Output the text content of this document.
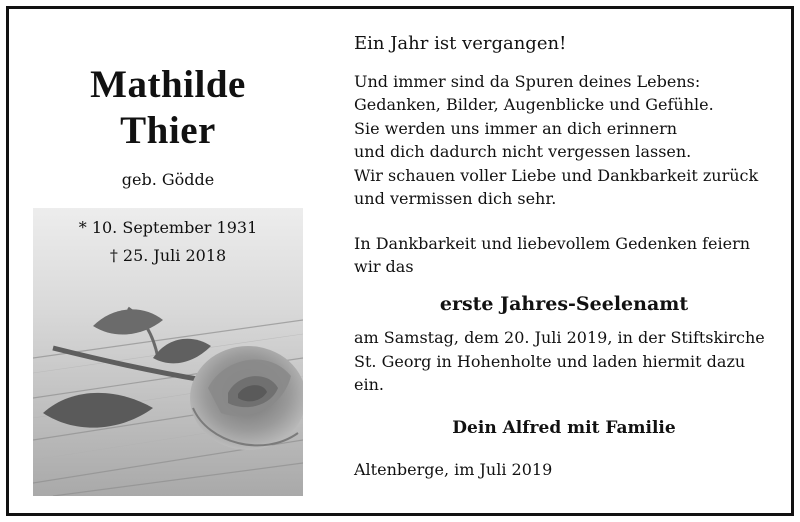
Mathilde
Thier
geb. Gödde
* 10. September 1931
† 25. Juli 2018

Ein Jahr ist vergangen!

Und immer sind da Spuren deines Lebens:

Gedanken, Bilder, Augenblicke und Gefühle.

Sie werden uns immer an dich erinnern

und dich dadurch nicht vergessen lassen.

Wir schauen voller Liebe und Dankbarkeit zurück

und vermissen dich sehr.

In Dankbarkeit und liebevollem Gedenken feiern

wir das

erste Jahres-Seelenamt

am Samstag, dem 20. Juli 2019, in der Stiftskirche

St. Georg in Hohenholte und laden hiermit dazu ein.

Dein Alfred mit Familie

Altenberge, im Juli 2019
